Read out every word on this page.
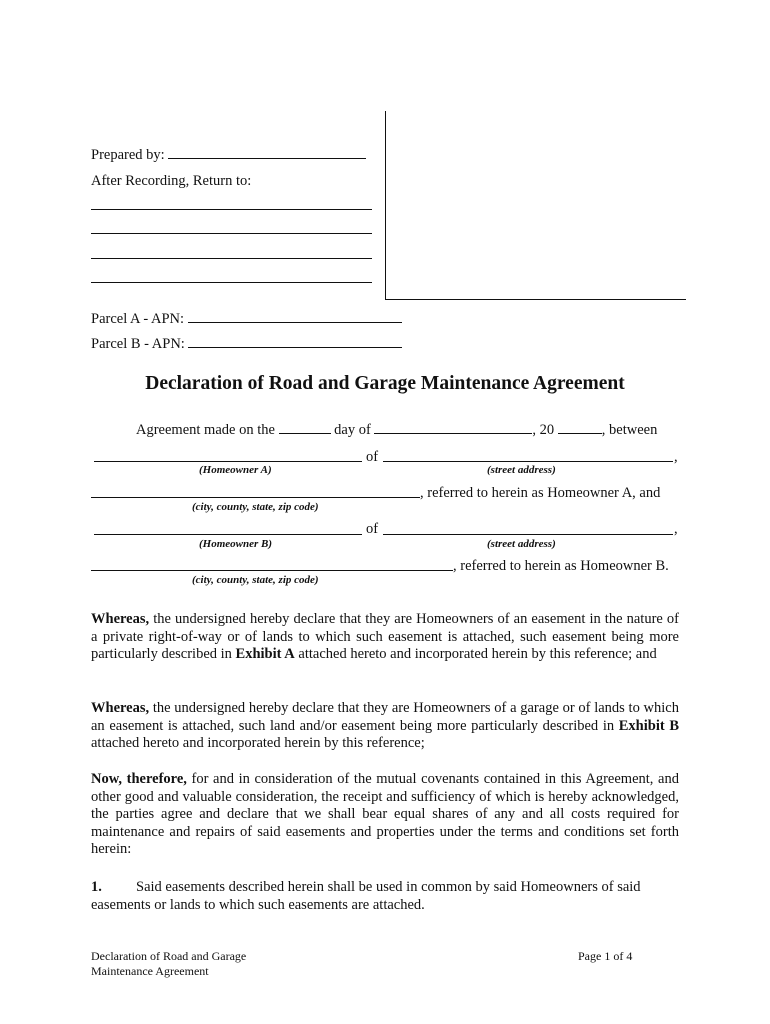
Prepared by:
After Recording, Return to:
Parcel A - APN:
Parcel B - APN:
Declaration of Road and Garage Maintenance Agreement
Agreement made on the	day of	, 20	, between
of	,
(Homeowner A)	(street address)
, referred to herein as Homeowner A, and
(city, county, state, zip code)
of	,
(Homeowner B)	(street address)
, referred to herein as Homeowner B.
(city, county, state, zip code)
Whereas, the undersigned hereby declare that they are Homeowners of an easement in the nature of a private right-of-way or of lands to which such easement is attached, such easement being more particularly described in Exhibit A attached hereto and incorporated herein by this reference; and
Whereas, the undersigned hereby declare that they are Homeowners of a garage or of lands to which an easement is attached, such land and/or easement being more particularly described in Exhibit B attached hereto and incorporated herein by this reference;
Now, therefore, for and in consideration of the mutual covenants contained in this Agreement, and other good and valuable consideration, the receipt and sufficiency of which is hereby acknowledged, the parties agree and declare that we shall bear equal shares of any and all costs required for maintenance and repairs of said easements and properties under the terms and conditions set forth herein:
1. Said easements described herein shall be used in common by said Homeowners of said
easements or lands to which such easements are attached.
Declaration of Road and Garage
Maintenance Agreement
Page 1 of 4
